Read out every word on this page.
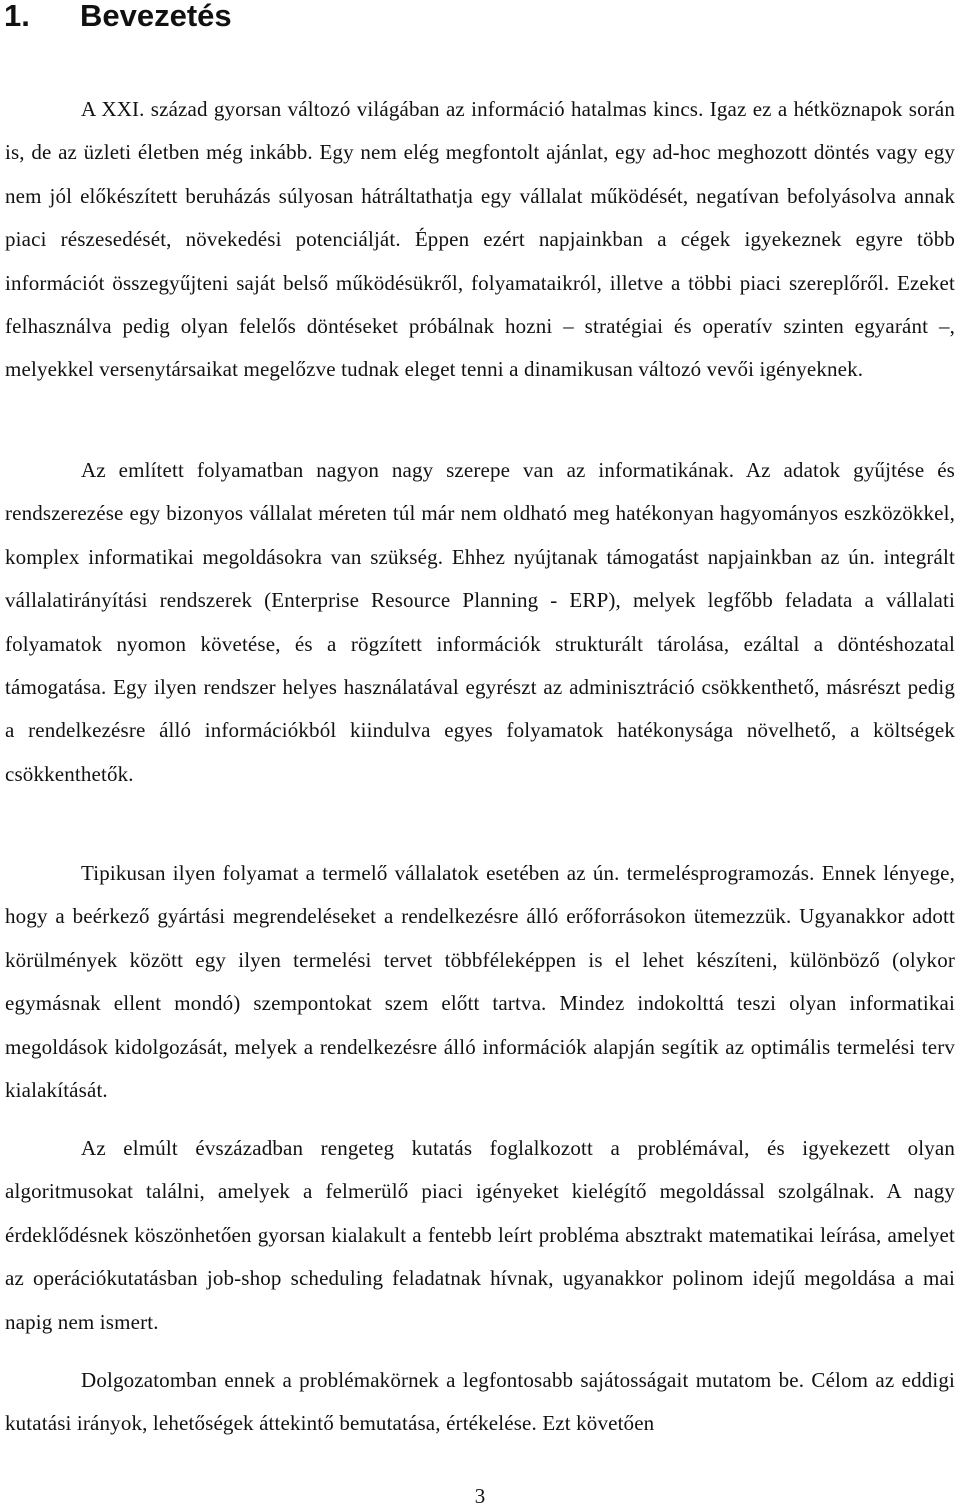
1. Bevezetés

A XXI. század gyorsan változó világában az információ hatalmas kincs. Igaz ez a hétköznapok során is, de az üzleti életben még inkább. Egy nem elég megfontolt ajánlat, egy ad-hoc meghozott döntés vagy egy nem jól előkészített beruházás súlyosan hátráltathatja egy vállalat működését, negatívan befolyásolva annak piaci részesedését, növekedési potenciálját. Éppen ezért napjainkban a cégek igyekeznek egyre több információt összegyűjteni saját belső működésükről, folyamataikról, illetve a többi piaci szereplőről. Ezeket felhasználva pedig olyan felelős döntéseket próbálnak hozni – stratégiai és operatív szinten egyaránt –, melyekkel versenytársaikat megelőzve tudnak eleget tenni a dinamikusan változó vevői igényeknek.

Az említett folyamatban nagyon nagy szerepe van az informatikának. Az adatok gyűjtése és rendszerezése egy bizonyos vállalat méreten túl már nem oldható meg hatékonyan hagyományos eszközökkel, komplex informatikai megoldásokra van szükség. Ehhez nyújtanak támogatást napjainkban az ún. integrált vállalatirányítási rendszerek (Enterprise Resource Planning - ERP), melyek legfőbb feladata a vállalati folyamatok nyomon követése, és a rögzített információk strukturált tárolása, ezáltal a döntéshozatal támogatása. Egy ilyen rendszer helyes használatával egyrészt az adminisztráció csökkenthető, másrészt pedig a rendelkezésre álló információkból kiindulva egyes folyamatok hatékonysága növelhető, a költségek csökkenthetők.

Tipikusan ilyen folyamat a termelő vállalatok esetében az ún. termelésprogramozás. Ennek lényege, hogy a beérkező gyártási megrendeléseket a rendelkezésre álló erőforrásokon ütemezzük. Ugyanakkor adott körülmények között egy ilyen termelési tervet többféleképpen is el lehet készíteni, különböző (olykor egymásnak ellent mondó) szempontokat szem előtt tartva. Mindez indokolttá teszi olyan informatikai megoldások kidolgozását, melyek a rendelkezésre álló információk alapján segítik az optimális termelési terv kialakítását.

Az elmúlt évszázadban rengeteg kutatás foglalkozott a problémával, és igyekezett olyan algoritmusokat találni, amelyek a felmerülő piaci igényeket kielégítő megoldással szolgálnak. A nagy érdeklődésnek köszönhetően gyorsan kialakult a fentebb leírt probléma absztrakt matematikai leírása, amelyet az operációkutatásban job-shop scheduling feladatnak hívnak, ugyanakkor polinom idejű megoldása a mai napig nem ismert.

Dolgozatomban ennek a problémakörnek a legfontosabb sajátosságait mutatom be. Célom az eddigi kutatási irányok, lehetőségek áttekintő bemutatása, értékelése. Ezt követően

3
